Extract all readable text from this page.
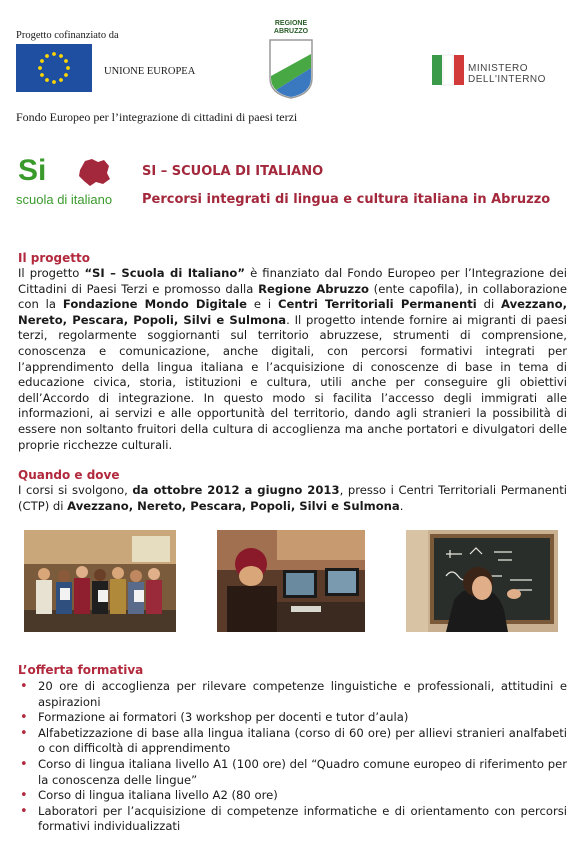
Progetto cofinanziato da
UNIONE EUROPEA
REGIONE ABRUZZO
MINISTERO
DELL'INTERNO
Fondo Europeo per l’integrazione di cittadini di paesi terzi
Si
scuola di italiano
SI – SCUOLA DI ITALIANO
Percorsi integrati di lingua e cultura italiana in Abruzzo
Il progetto
Il progetto “SI – Scuola di Italiano” è finanziato dal Fondo Europeo per l’Integrazione dei Cittadini di Paesi Terzi e promosso dalla Regione Abruzzo (ente capofila), in collaborazione con la Fondazione Mondo Digitale e i Centri Territoriali Permanenti di Avezzano, Nereto, Pescara, Popoli, Silvi e Sulmona. Il progetto intende fornire ai migranti di paesi terzi, regolarmente soggiornanti sul territorio abruzzese, strumenti di comprensione, conoscenza e comunicazione, anche digitali, con percorsi formativi integrati per l’apprendimento della lingua italiana e l’acquisizione di conoscenze di base in tema di educazione civica, storia, istituzioni e cultura, utili anche per conseguire gli obiettivi dell’Accordo di integrazione. In questo modo si facilita l’accesso degli immigrati alle informazioni, ai servizi e alle opportunità del territorio, dando agli stranieri la possibilità di essere non soltanto fruitori della cultura di accoglienza ma anche portatori e divulgatori delle proprie ricchezze culturali.
Quando e dove
I corsi si svolgono, da ottobre 2012 a giugno 2013, presso i Centri Territoriali Permanenti (CTP) di Avezzano, Nereto, Pescara, Popoli, Silvi e Sulmona.
L’offerta formativa
• 20 ore di accoglienza per rilevare competenze linguistiche e professionali, attitudini e aspirazioni
• Formazione ai formatori (3 workshop per docenti e tutor d’aula)
• Alfabetizzazione di base alla lingua italiana (corso di 60 ore) per allievi stranieri analfabeti o con difficoltà di apprendimento
• Corso di lingua italiana livello A1 (100 ore) del “Quadro comune europeo di riferimento per la conoscenza delle lingue”
• Corso di lingua italiana livello A2 (80 ore)
• Laboratori per l’acquisizione di competenze informatiche e di orientamento con percorsi formativi individualizzati
